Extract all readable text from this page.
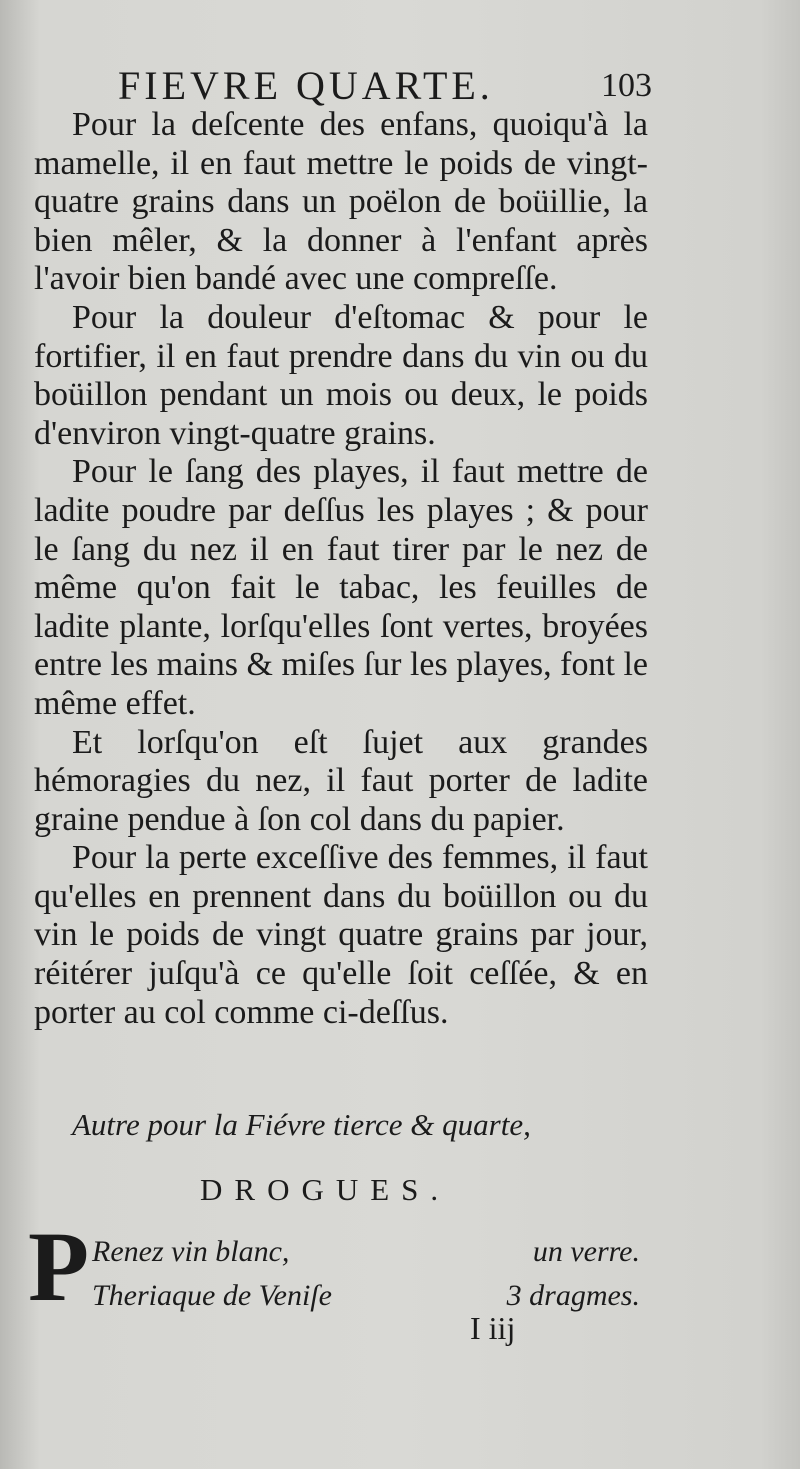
FIEVRE QUARTE.	103

Pour la deſcente des enfans, quoiqu'à la mamelle, il en faut mettre le poids de vingt-quatre grains dans un poëlon de boüillie, la bien mêler, & la donner à l'enfant après l'avoir bien bandé avec une compreſſe.

Pour la douleur d'eſtomac & pour le fortifier, il en faut prendre dans du vin ou du boüillon pendant un mois ou deux, le poids d'environ vingt-quatre grains.

Pour le ſang des playes, il faut mettre de ladite poudre par deſſus les playes ; & pour le ſang du nez il en faut tirer par le nez de même qu'on fait le tabac, les feuilles de ladite plante, lorſqu'elles ſont vertes, broyées entre les mains & miſes ſur les playes, font le même effet.

Et lorſqu'on eſt ſujet aux grandes hémoragies du nez, il faut porter de ladite graine pendue à ſon col dans du papier.

Pour la perte exceſſive des femmes, il faut qu'elles en prennent dans du boüillon ou du vin le poids de vingt quatre grains par jour, réitérer juſqu'à ce qu'elle ſoit ceſſée, & en porter au col comme ci-deſſus.

Autre pour la Fiévre tierce & quarte,
DROGUES.
P Renez vin blanc,	un verre.
Theriaque de Veniſe	3 dragmes.
I iij
